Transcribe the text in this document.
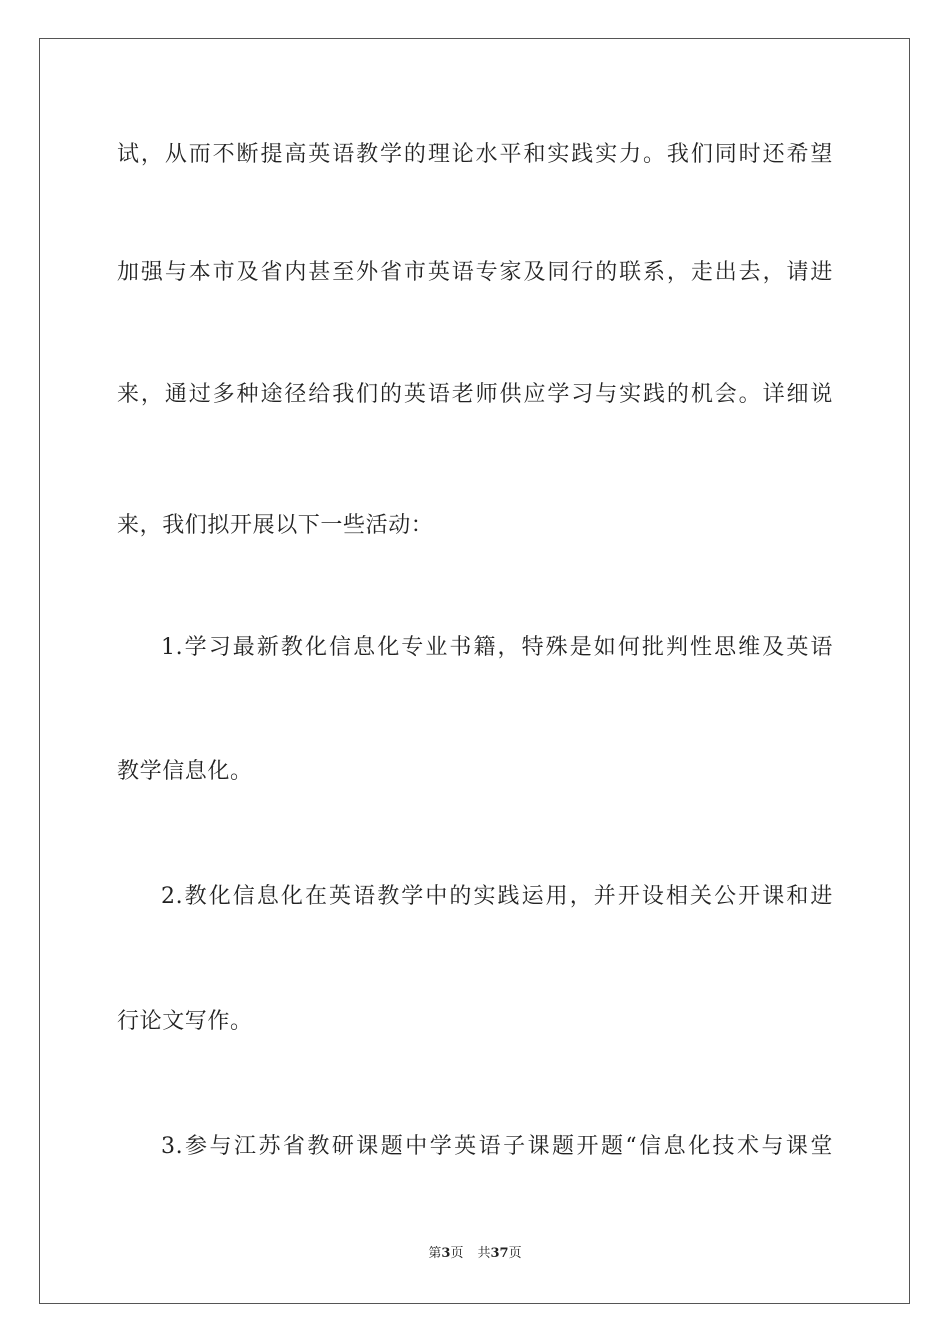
试，从而不断提高英语教学的理论水平和实践实力。我们同时还希望
加强与本市及省内甚至外省市英语专家及同行的联系，走出去，请进
来，通过多种途径给我们的英语老师供应学习与实践的机会。详细说
来，我们拟开展以下一些活动：
1.学习最新教化信息化专业书籍，特殊是如何批判性思维及英语
教学信息化。
2.教化信息化在英语教学中的实践运用，并开设相关公开课和进
行论文写作。
3.参与江苏省教研课题中学英语子课题开题“信息化技术与课堂
第3页 共37页
